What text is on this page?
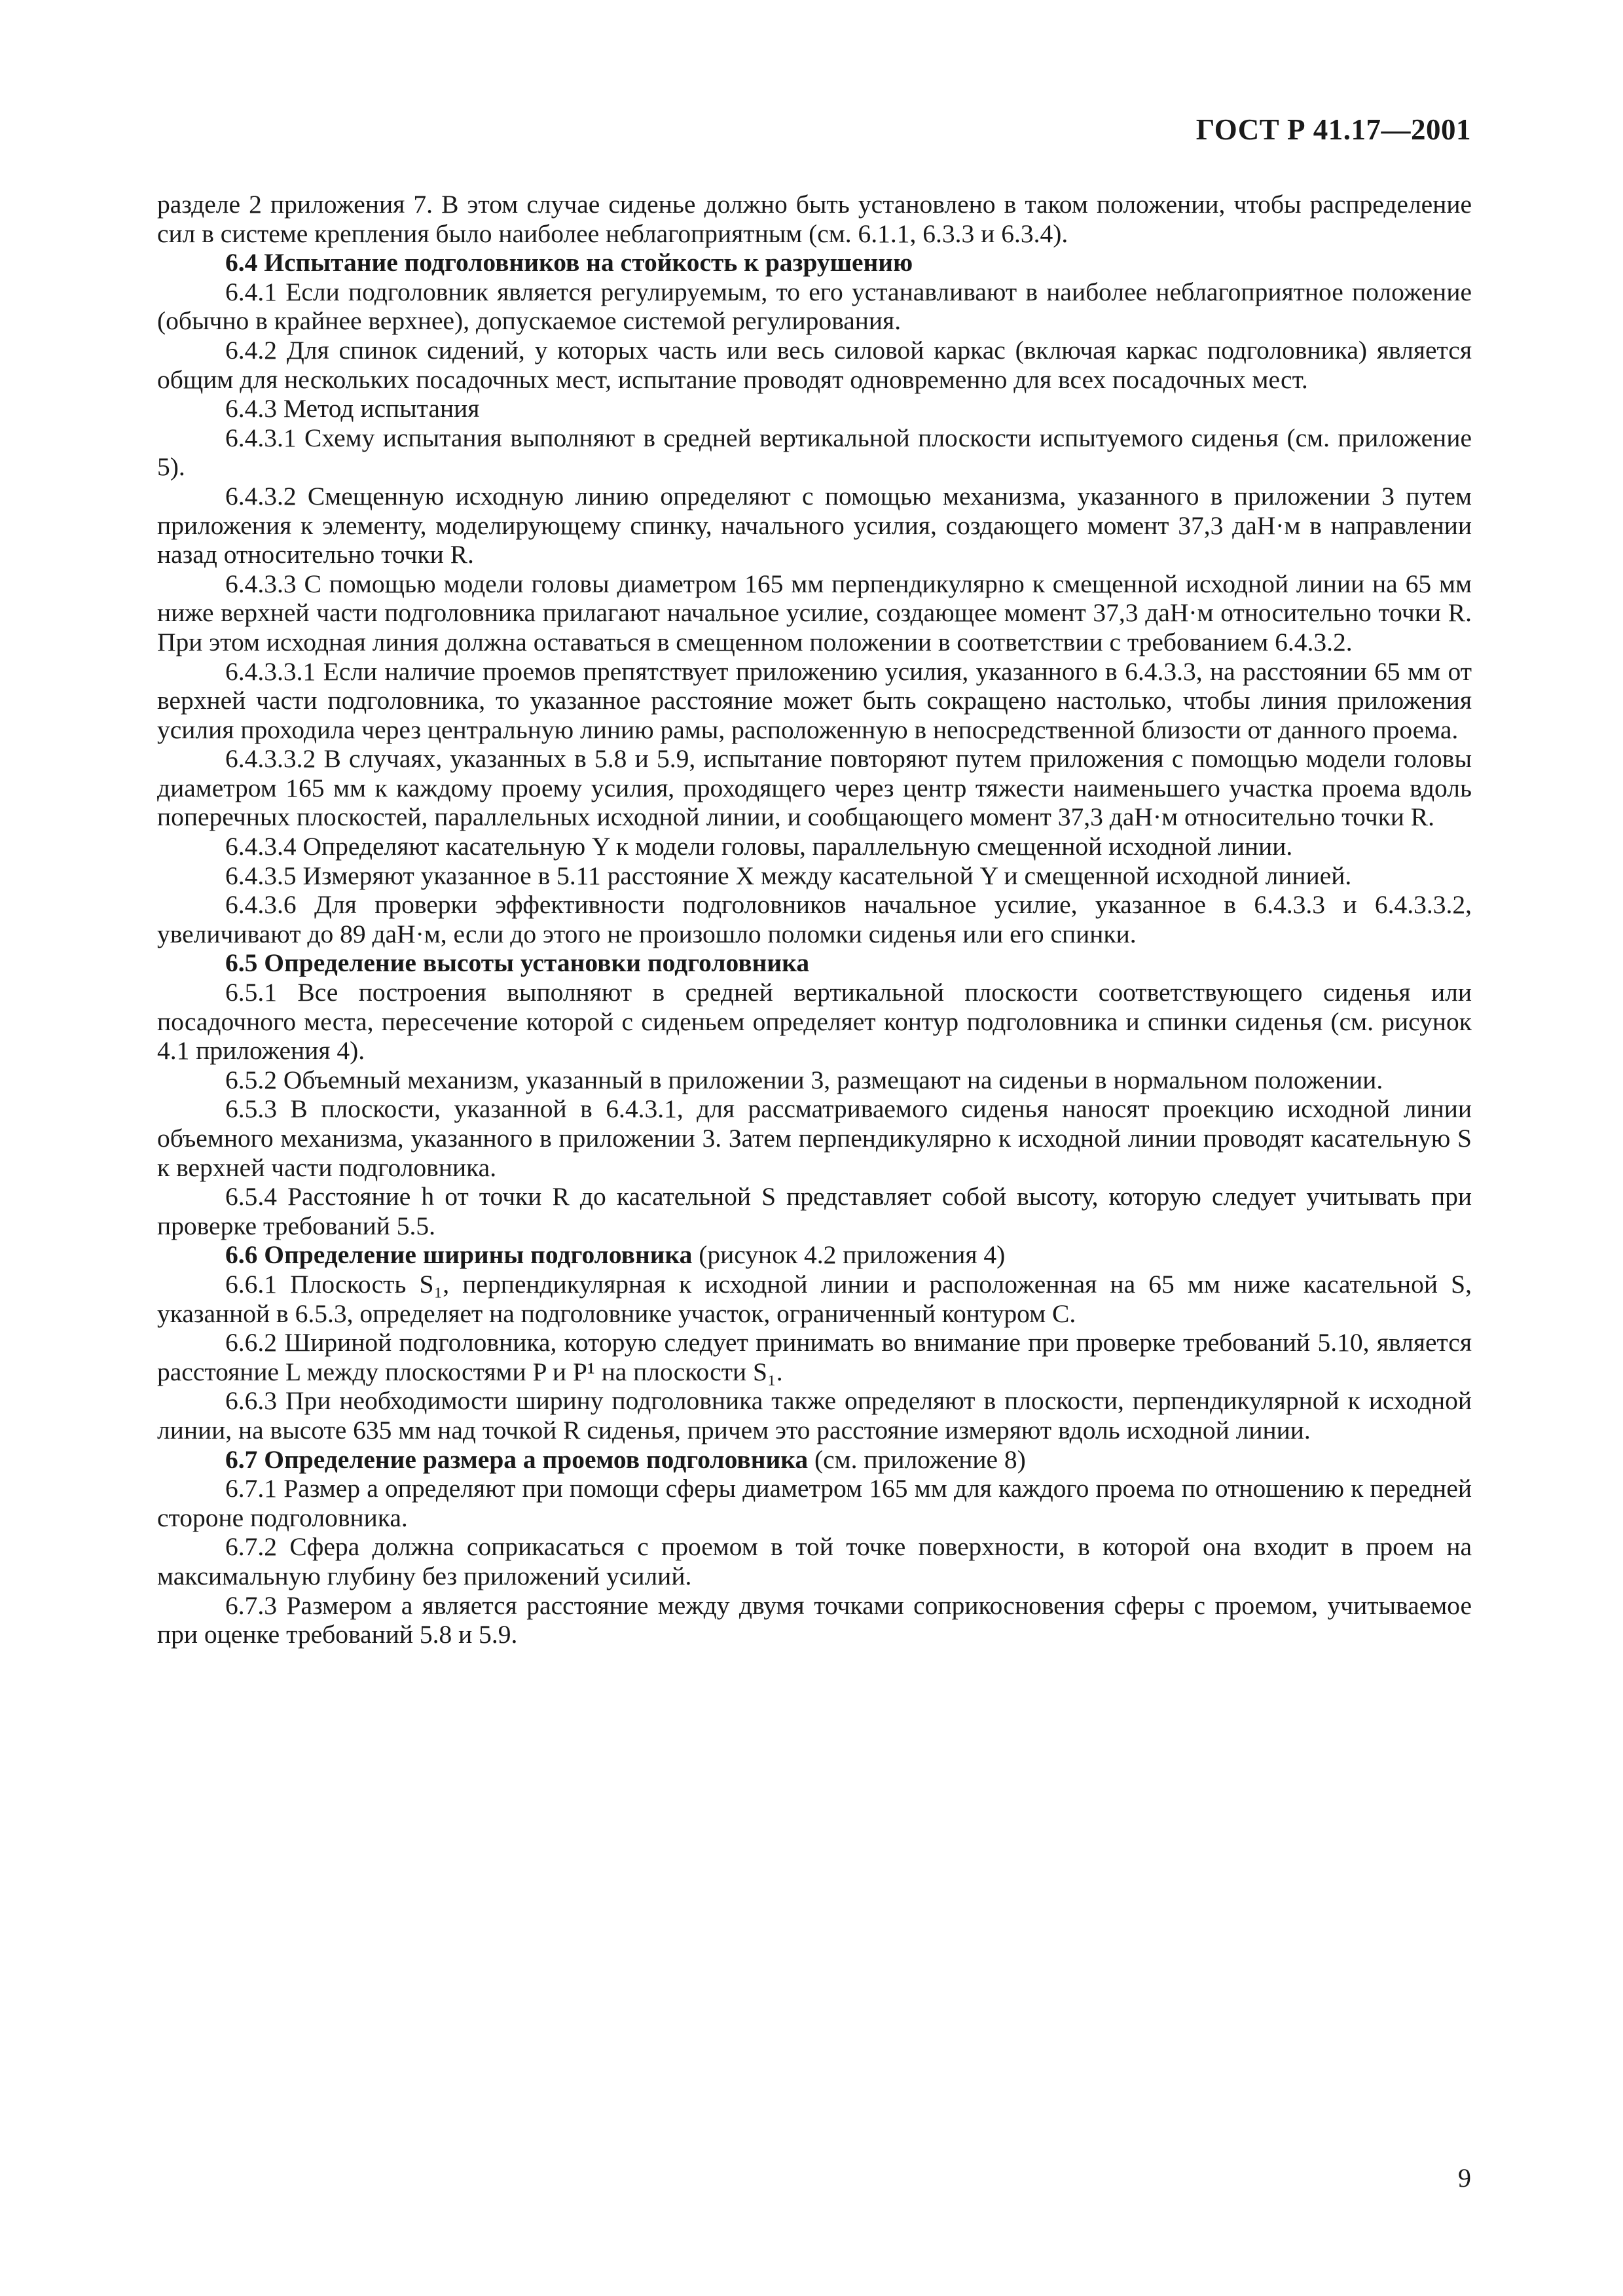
ГОСТ Р 41.17—2001

разделе 2 приложения 7. В этом случае сиденье должно быть установлено в таком положении, чтобы распределение сил в системе крепления было наиболее неблагоприятным (см. 6.1.1, 6.3.3 и 6.3.4).

6.4 Испытание подголовников на стойкость к разрушению

6.4.1 Если подголовник является регулируемым, то его устанавливают в наиболее неблагоприятное положение (обычно в крайнее верхнее), допускаемое системой регулирования.

6.4.2 Для спинок сидений, у которых часть или весь силовой каркас (включая каркас подголовника) является общим для нескольких посадочных мест, испытание проводят одновременно для всех посадочных мест.

6.4.3 Метод испытания

6.4.3.1 Схему испытания выполняют в средней вертикальной плоскости испытуемого сиденья (см. приложение 5).

6.4.3.2 Смещенную исходную линию определяют с помощью механизма, указанного в приложении 3 путем приложения к элементу, моделирующему спинку, начального усилия, создающего момент 37,3 даН·м в направлении назад относительно точки R.

6.4.3.3 С помощью модели головы диаметром 165 мм перпендикулярно к смещенной исходной линии на 65 мм ниже верхней части подголовника прилагают начальное усилие, создающее момент 37,3 даН·м относительно точки R. При этом исходная линия должна оставаться в смещенном положении в соответствии с требованием 6.4.3.2.

6.4.3.3.1 Если наличие проемов препятствует приложению усилия, указанного в 6.4.3.3, на расстоянии 65 мм от верхней части подголовника, то указанное расстояние может быть сокращено настолько, чтобы линия приложения усилия проходила через центральную линию рамы, расположенную в непосредственной близости от данного проема.

6.4.3.3.2 В случаях, указанных в 5.8 и 5.9, испытание повторяют путем приложения с помощью модели головы диаметром 165 мм к каждому проему усилия, проходящего через центр тяжести наименьшего участка проема вдоль поперечных плоскостей, параллельных исходной линии, и сообщающего момент 37,3 даН·м относительно точки R.

6.4.3.4 Определяют касательную Y к модели головы, параллельную смещенной исходной линии.

6.4.3.5 Измеряют указанное в 5.11 расстояние X между касательной Y и смещенной исходной линией.

6.4.3.6 Для проверки эффективности подголовников начальное усилие, указанное в 6.4.3.3 и 6.4.3.3.2, увеличивают до 89 даН·м, если до этого не произошло поломки сиденья или его спинки.

6.5 Определение высоты установки подголовника

6.5.1 Все построения выполняют в средней вертикальной плоскости соответствующего сиденья или посадочного места, пересечение которой с сиденьем определяет контур подголовника и спинки сиденья (см. рисунок 4.1 приложения 4).

6.5.2 Объемный механизм, указанный в приложении 3, размещают на сиденьи в нормальном положении.

6.5.3 В плоскости, указанной в 6.4.3.1, для рассматриваемого сиденья наносят проекцию исходной линии объемного механизма, указанного в приложении 3. Затем перпендикулярно к исходной линии проводят касательную S к верхней части подголовника.

6.5.4 Расстояние h от точки R до касательной S представляет собой высоту, которую следует учитывать при проверке требований 5.5.

6.6 Определение ширины подголовника (рисунок 4.2 приложения 4)

6.6.1 Плоскость S₁, перпендикулярная к исходной линии и расположенная на 65 мм ниже касательной S, указанной в 6.5.3, определяет на подголовнике участок, ограниченный контуром C.

6.6.2 Шириной подголовника, которую следует принимать во внимание при проверке требований 5.10, является расстояние L между плоскостями P и P¹ на плоскости S₁.

6.6.3 При необходимости ширину подголовника также определяют в плоскости, перпендикулярной к исходной линии, на высоте 635 мм над точкой R сиденья, причем это расстояние измеряют вдоль исходной линии.

6.7 Определение размера a проемов подголовника (см. приложение 8)

6.7.1 Размер a определяют при помощи сферы диаметром 165 мм для каждого проема по отношению к передней стороне подголовника.

6.7.2 Сфера должна соприкасаться с проемом в той точке поверхности, в которой она входит в проем на максимальную глубину без приложений усилий.

6.7.3 Размером a является расстояние между двумя точками соприкосновения сферы с проемом, учитываемое при оценке требований 5.8 и 5.9.

9
